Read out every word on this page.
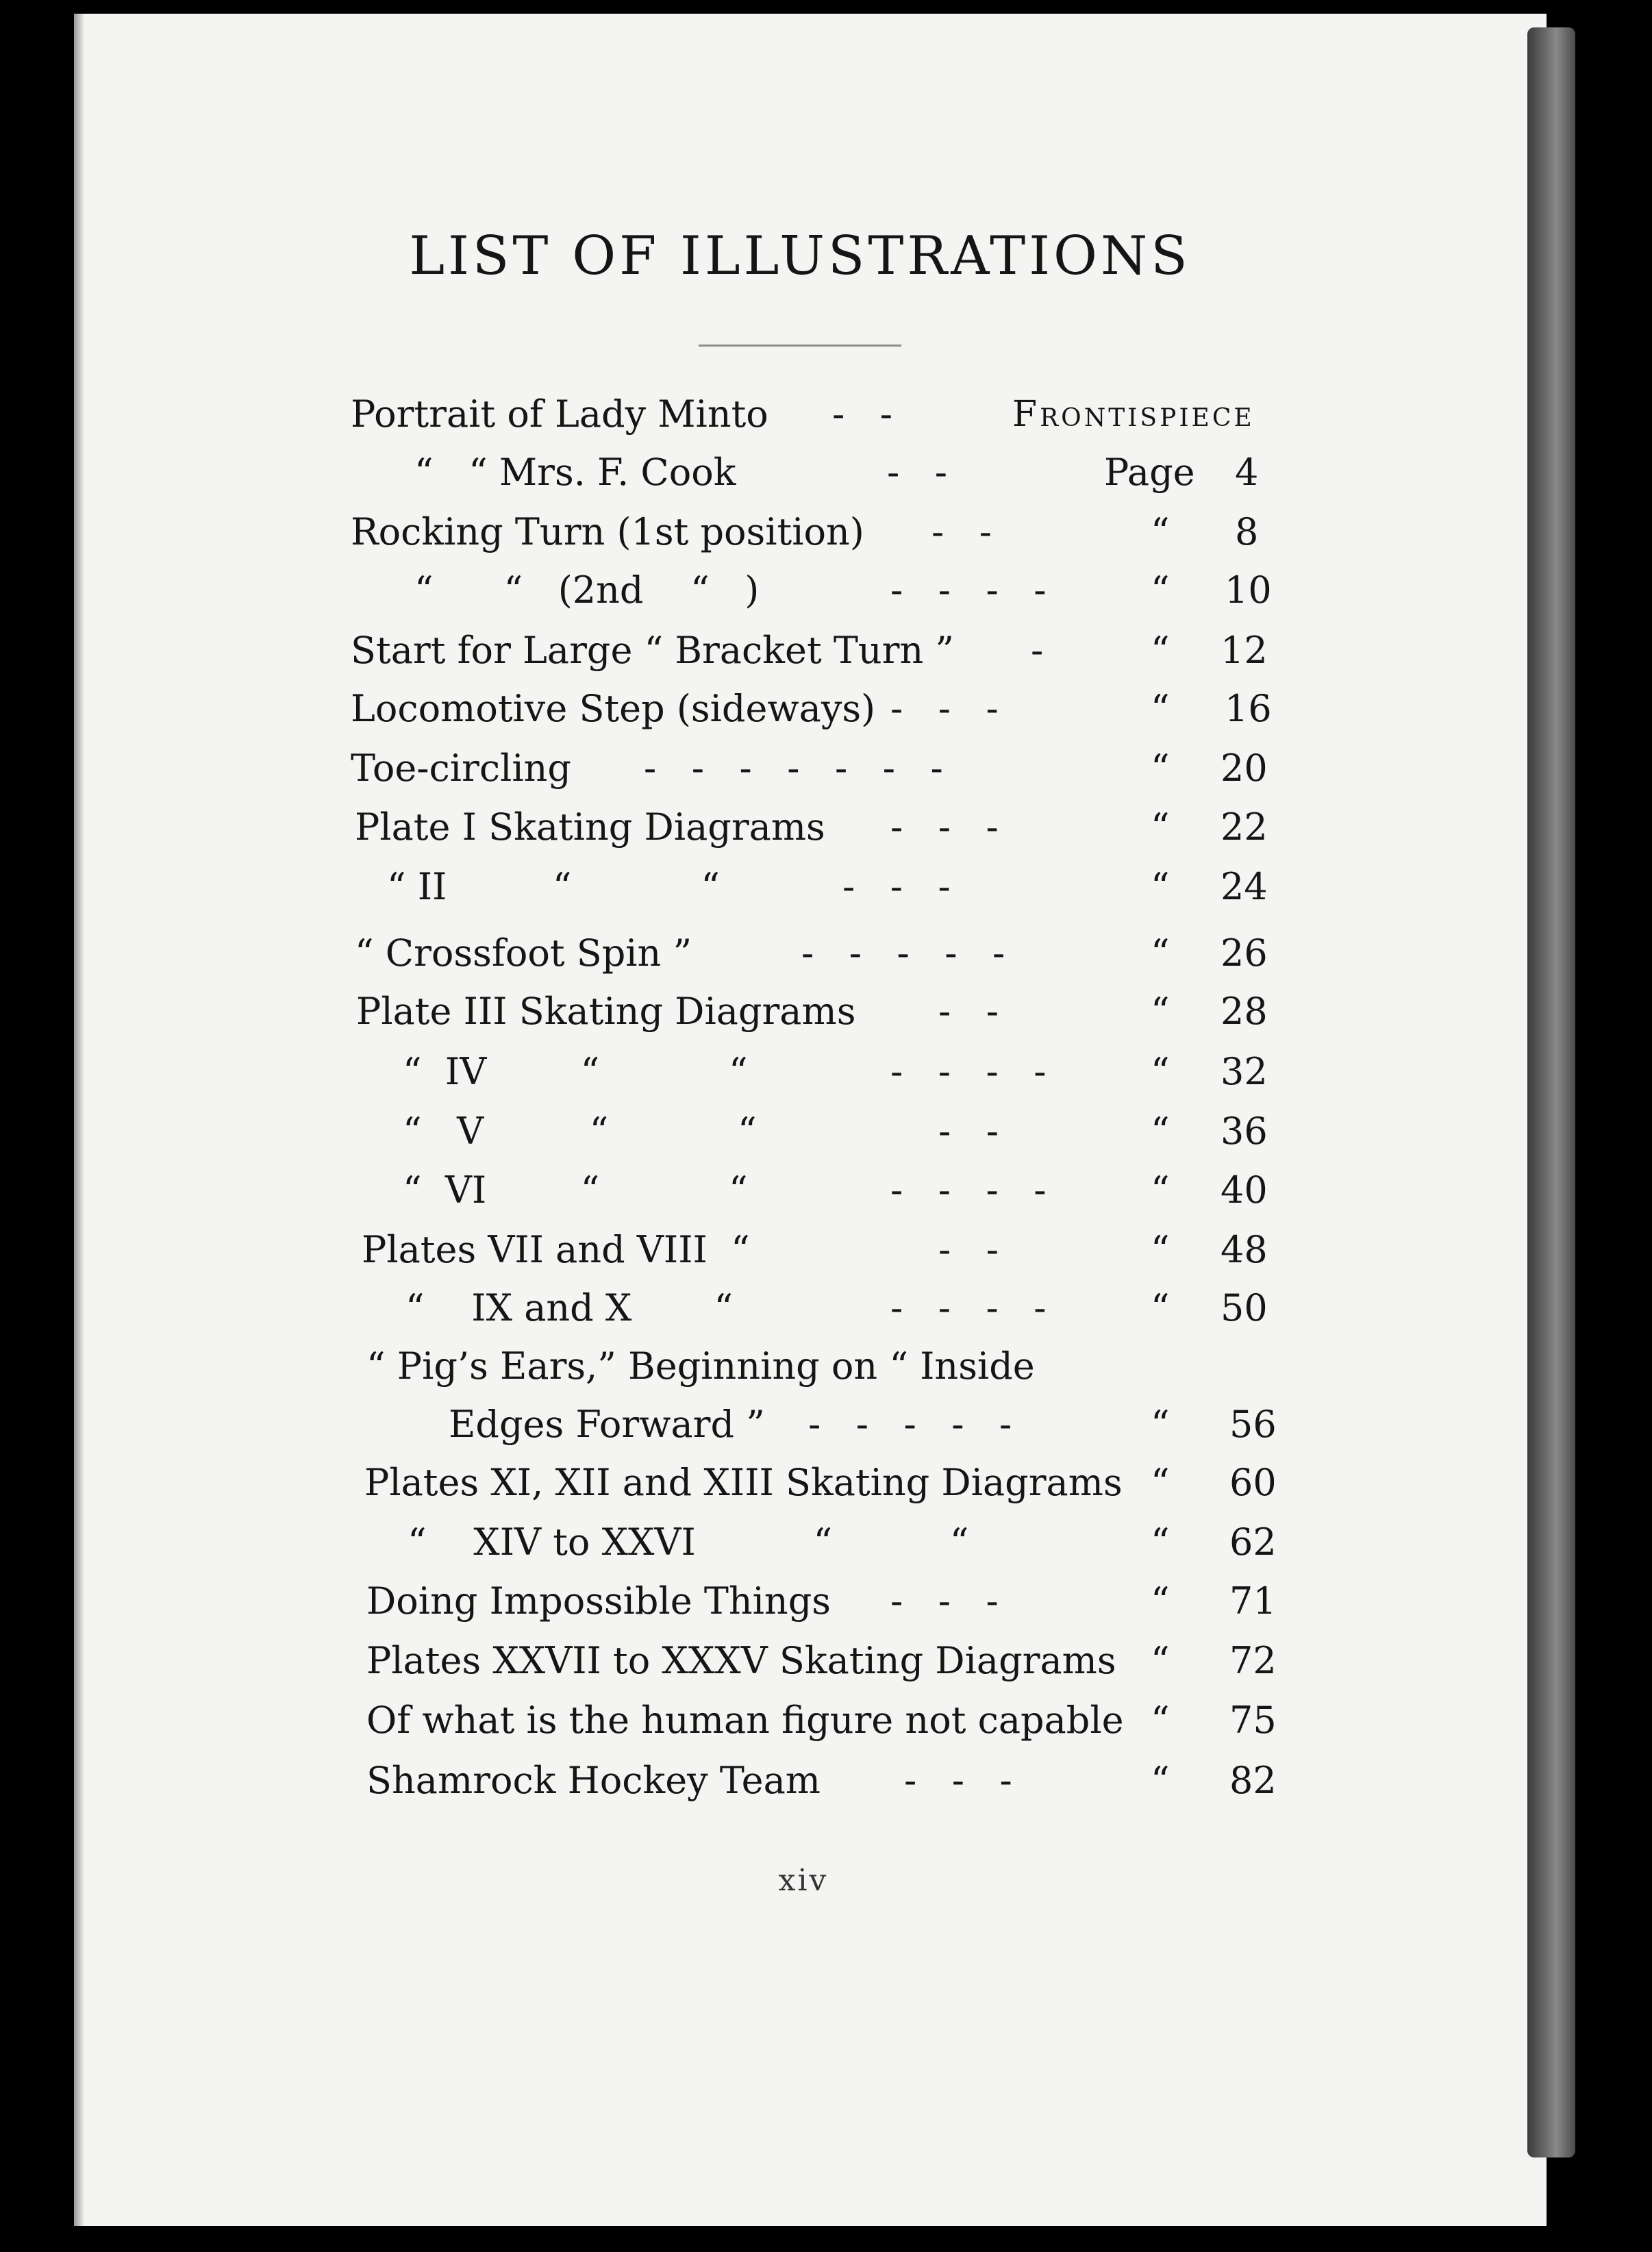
LIST OF ILLUSTRATIONS
Portrait of Lady Minto -   -	Frontispiece
“   “ Mrs. F. Cook	-   -	Page 4
Rocking Turn (1st position) -   -	“ 8
“      “   (2nd    “   )	-   -   -   -	“ 10
Start for Large “ Bracket Turn ” -	“ 12
Locomotive Step (sideways) -   -   -	“ 16
Toe-circling -   -   -   -   -   -   -	“ 20
Plate I Skating Diagrams -   -   -	“ 22
“ II         “           “	-   -   -	“ 24
“ Crossfoot Spin ”	-   -   -   -   -	“ 26
Plate III Skating Diagrams -   -	“ 28
“  IV        “           “	-   -   -   -	“ 32
“   V         “           “	-   -	“ 36
“  VI        “           “	-   -   -   -	“ 40
Plates VII and VIII  “	-   -	“ 48
“    IX and X       “	-   -   -   -	“ 50
“ Pig’s Ears,” Beginning on “ Inside
Edges Forward ” -   -   -   -   -	“ 56
Plates XI, XII and XIII Skating Diagrams “ 60
“    XIV to XXVI          “          “	“ 62
Doing Impossible Things -   -   -	“ 71
Plates XXVII to XXXV Skating Diagrams “ 72
Of what is the human figure not capable “ 75
Shamrock Hockey Team -   -   -	“ 82
xiv
